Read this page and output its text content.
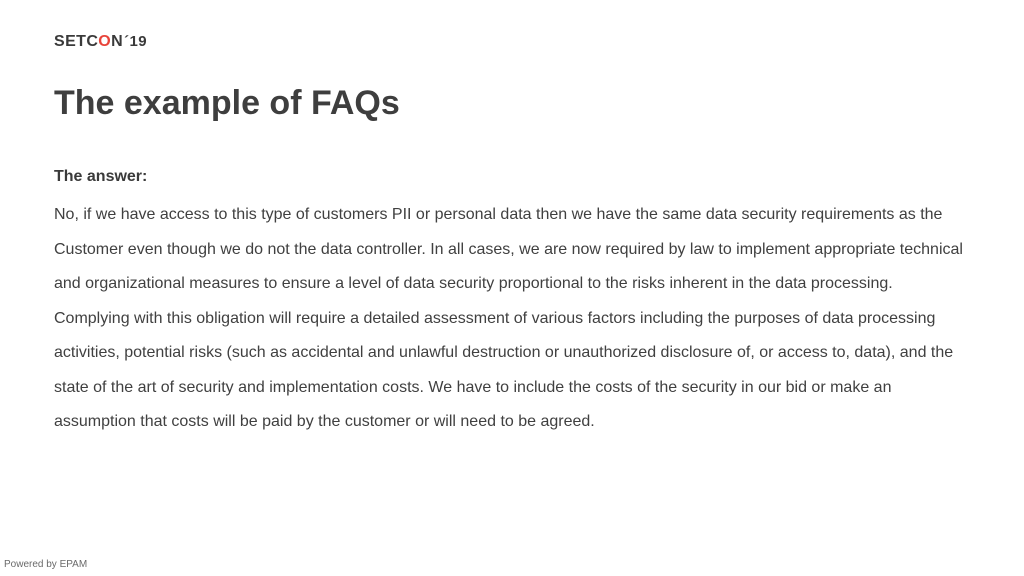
SETC O N ´19
The example of FAQs

The answer:

No, if we have access to this type of customers PII or personal data then we have the same data security requirements as the Customer even though we do not the data controller. In all cases, we are now required by law to implement appropriate technical and organizational measures to ensure a level of data security proportional to the risks inherent in the data processing. Complying with this obligation will require a detailed assessment of various factors including the purposes of data processing activities, potential risks (such as accidental and unlawful destruction or unauthorized disclosure of, or access to, data), and the state of the art of security and implementation costs. We have to include the costs of the security in our bid or make an assumption that costs will be paid by the customer or will need to be agreed.

Powered by EPAM
